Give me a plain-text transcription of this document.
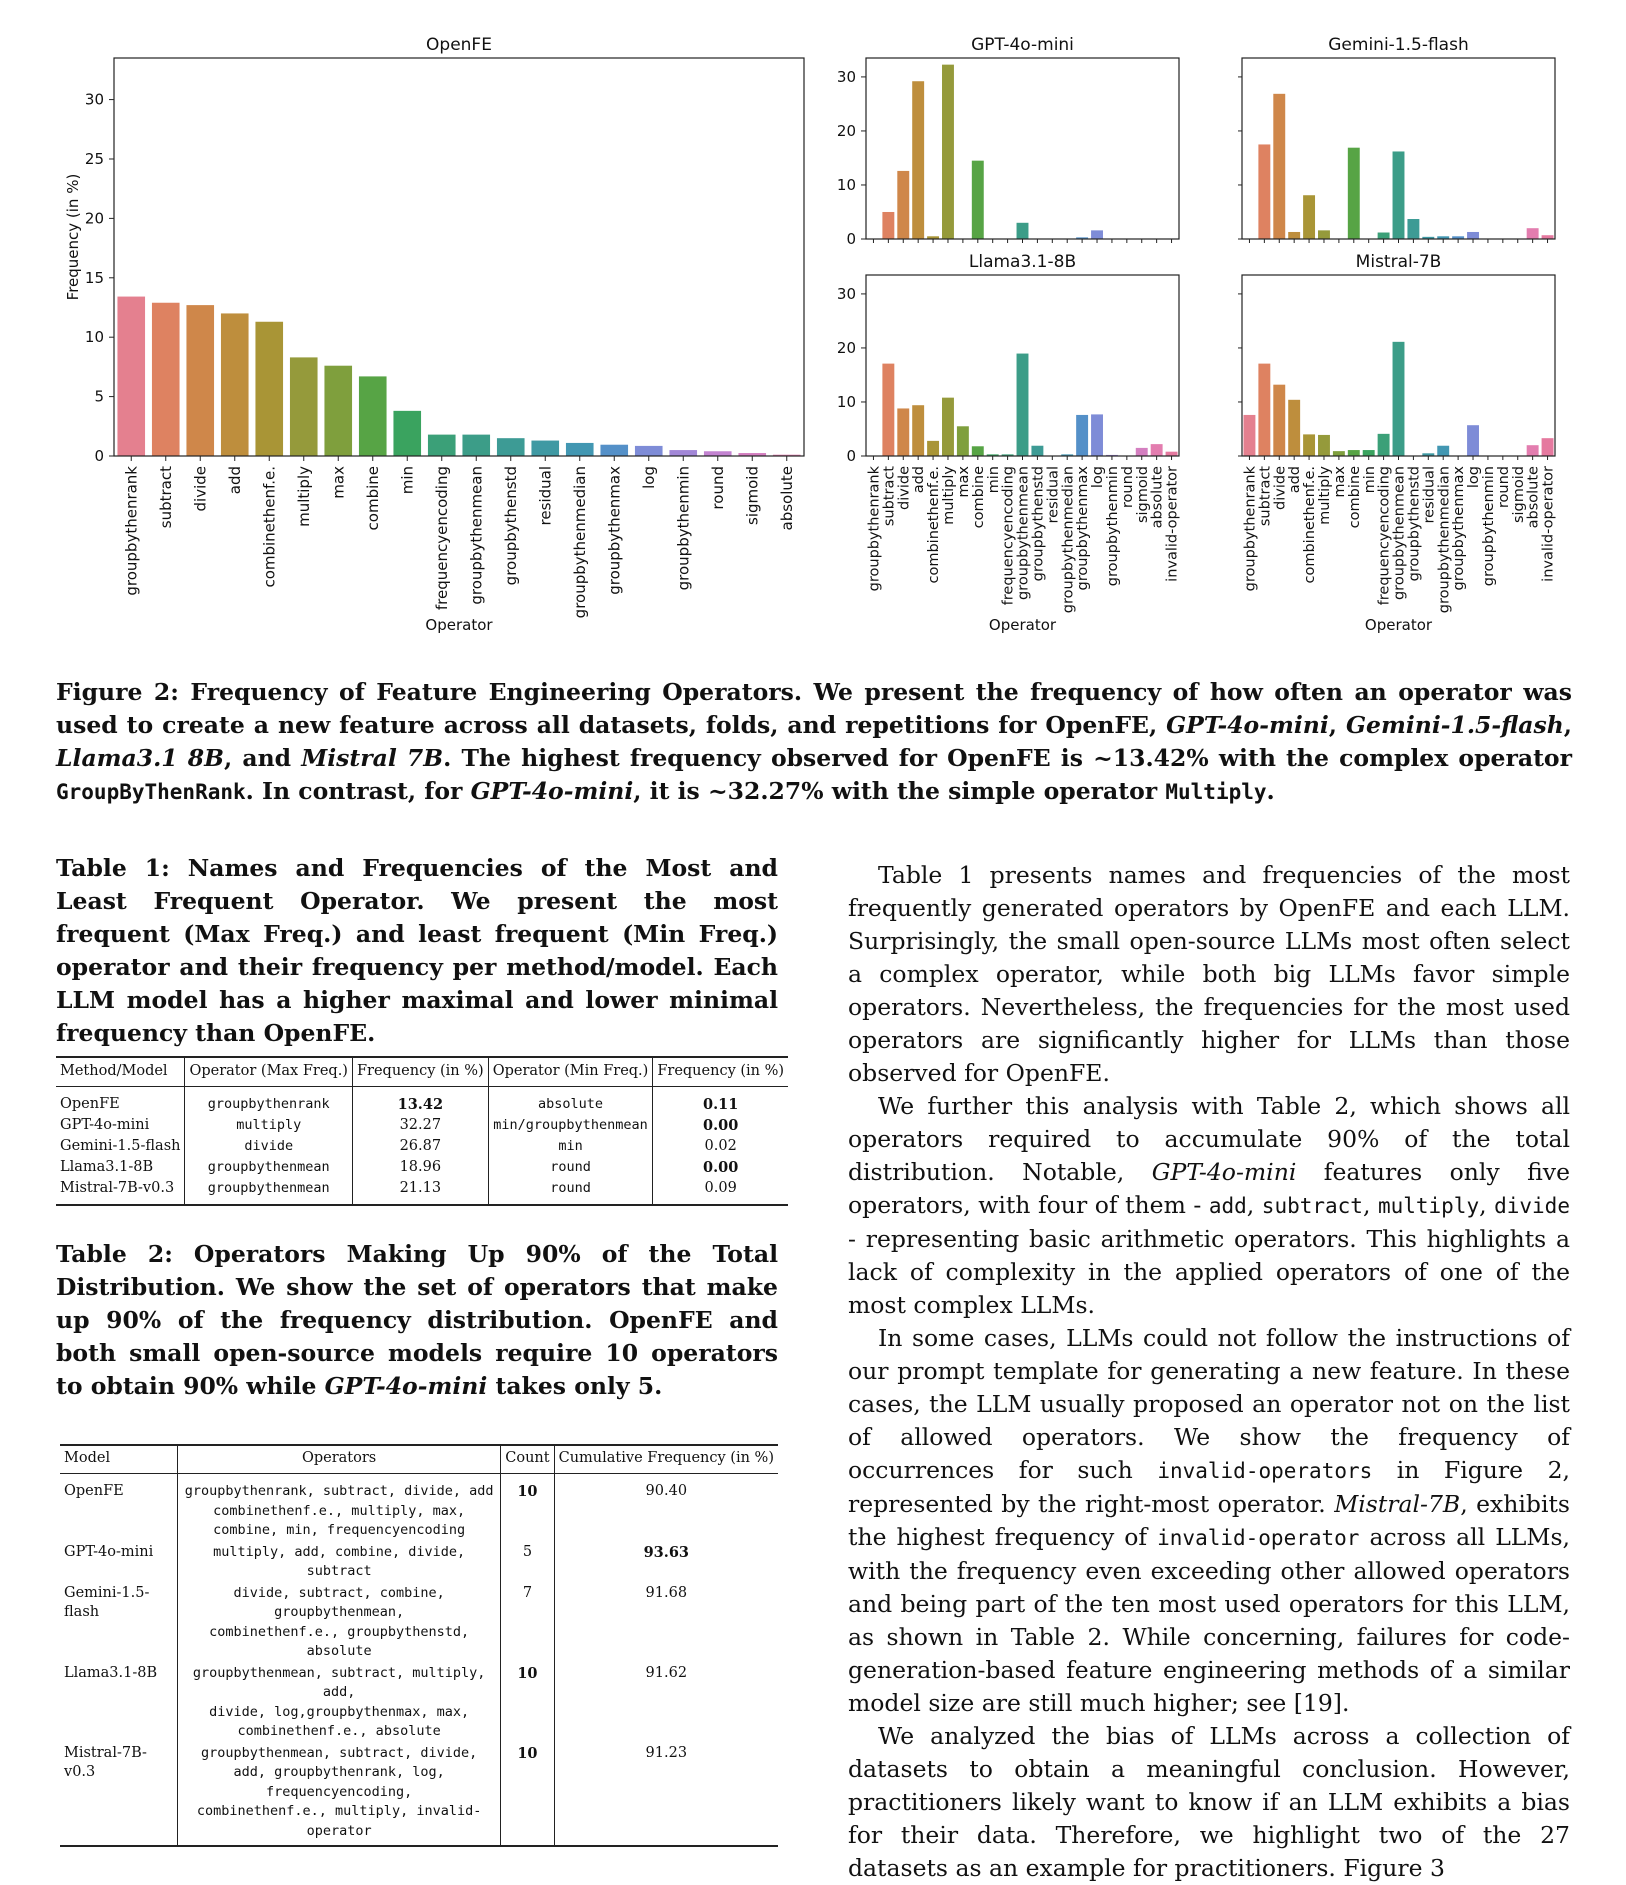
OpenFE
groupbythenrank subtract divide add combinethenf.e. multiply max combine min frequencyencoding groupbythenmean groupbythenstd residual groupbythenmedian groupbythenmax log groupbythenmin round sigmoid absolute
0
5
10
15
20
25
30
Operator
Frequency (in %)
GPT-4o-mini
0
10
20
30
Gemini-1.5-flash
Llama3.1-8B
groupbythenrank
subtract
divide
add
combinethenf.e.
multiply
max
combine
min
frequencyencoding
groupbythenmean
groupbythenstd
residual
groupbythenmedian
groupbythenmax
log
groupbythenmin
round
sigmoid
absolute
invalid-operator
0
10
20
30
Operator
Mistral-7B
groupbythenrank
subtract
divide
add
combinethenf.e.
multiply
max
combine
min
frequencyencoding
groupbythenmean
groupbythenstd
residual
groupbythenmedian
groupbythenmax
log
groupbythenmin
round
sigmoid
absolute
invalid-operator
Operator
Figure 2: Frequency of Feature Engineering Operators. We present the frequency of how often an operator was used to create a new feature across all datasets, folds, and repetitions for OpenFE, GPT-4o-mini, Gemini-1.5-flash, Llama3.1 8B, and Mistral 7B. The highest frequency observed for OpenFE is ~13.42% with the complex operator GroupByThenRank. In contrast, for GPT-4o-mini, it is ~32.27% with the simple operator Multiply.
Table 1: Names and Frequencies of the Most and Least Frequent Operator. We present the most frequent (Max Freq.) and least frequent (Min Freq.) operator and their frequency per method/model. Each LLM model has a higher maximal and lower minimal frequency than OpenFE.
Method/Model	Operator (Max Freq.)	Frequency (in %)	Operator (Min Freq.)	Frequency (in %)
OpenFE	groupbythenrank	13.42	absolute	0.11
GPT-4o-mini	multiply	32.27	min/groupbythenmean	0.00
Gemini-1.5-flash	divide	26.87	min	0.02
Llama3.1-8B	groupbythenmean	18.96	round	0.00
Mistral-7B-v0.3	groupbythenmean	21.13	round	0.09
Table 2: Operators Making Up 90% of the Total Distribution. We show the set of operators that make up 90% of the frequency distribution. OpenFE and both small open-source models require 10 operators to obtain 90% while GPT-4o-mini takes only 5.
Model	Operators	Count	Cumulative Frequency (in %)
OpenFE	groupbythenrank, subtract, divide, add
combinethenf.e., multiply, max,
combine, min, frequencyencoding	10	90.40
GPT-4o-mini	multiply, add, combine, divide, subtract	5	93.63
Gemini-1.5-flash	divide, subtract, combine, groupbythenmean,
combinethenf.e., groupbythenstd, absolute	7	91.68
Llama3.1-8B	groupbythenmean, subtract, multiply, add,
divide, log,groupbythenmax, max,
combinethenf.e., absolute	10	91.62
Mistral-7B-v0.3	groupbythenmean, subtract, divide,
add, groupbythenrank, log, frequencyencoding,
combinethenf.e., multiply, invalid-operator	10	91.23

Table 1 presents names and frequencies of the most frequently generated operators by OpenFE and each LLM. Surprisingly, the small open-source LLMs most often select a complex operator, while both big LLMs favor simple operators. Nevertheless, the frequencies for the most used operators are significantly higher for LLMs than those observed for OpenFE.

We further this analysis with Table 2, which shows all operators required to accumulate 90% of the total distribution. Notable, GPT-4o-mini features only five operators, with four of them - add, subtract, multiply, divide - representing basic arithmetic operators. This highlights a lack of complexity in the applied operators of one of the most complex LLMs.

In some cases, LLMs could not follow the instructions of our prompt template for generating a new feature. In these cases, the LLM usually proposed an operator not on the list of allowed operators. We show the frequency of occurrences for such invalid-operators in Figure 2, represented by the right-most operator. Mistral-7B, exhibits the highest frequency of invalid-operator across all LLMs, with the frequency even exceeding other allowed operators and being part of the ten most used operators for this LLM, as shown in Table 2. While concerning, failures for code-generation-based feature engineering methods of a similar model size are still much higher; see [19].

We analyzed the bias of LLMs across a collection of datasets to obtain a meaningful conclusion. However, practitioners likely want to know if an LLM exhibits a bias for their data. Therefore, we highlight two of the 27 datasets as an example for practitioners. Figure 3
